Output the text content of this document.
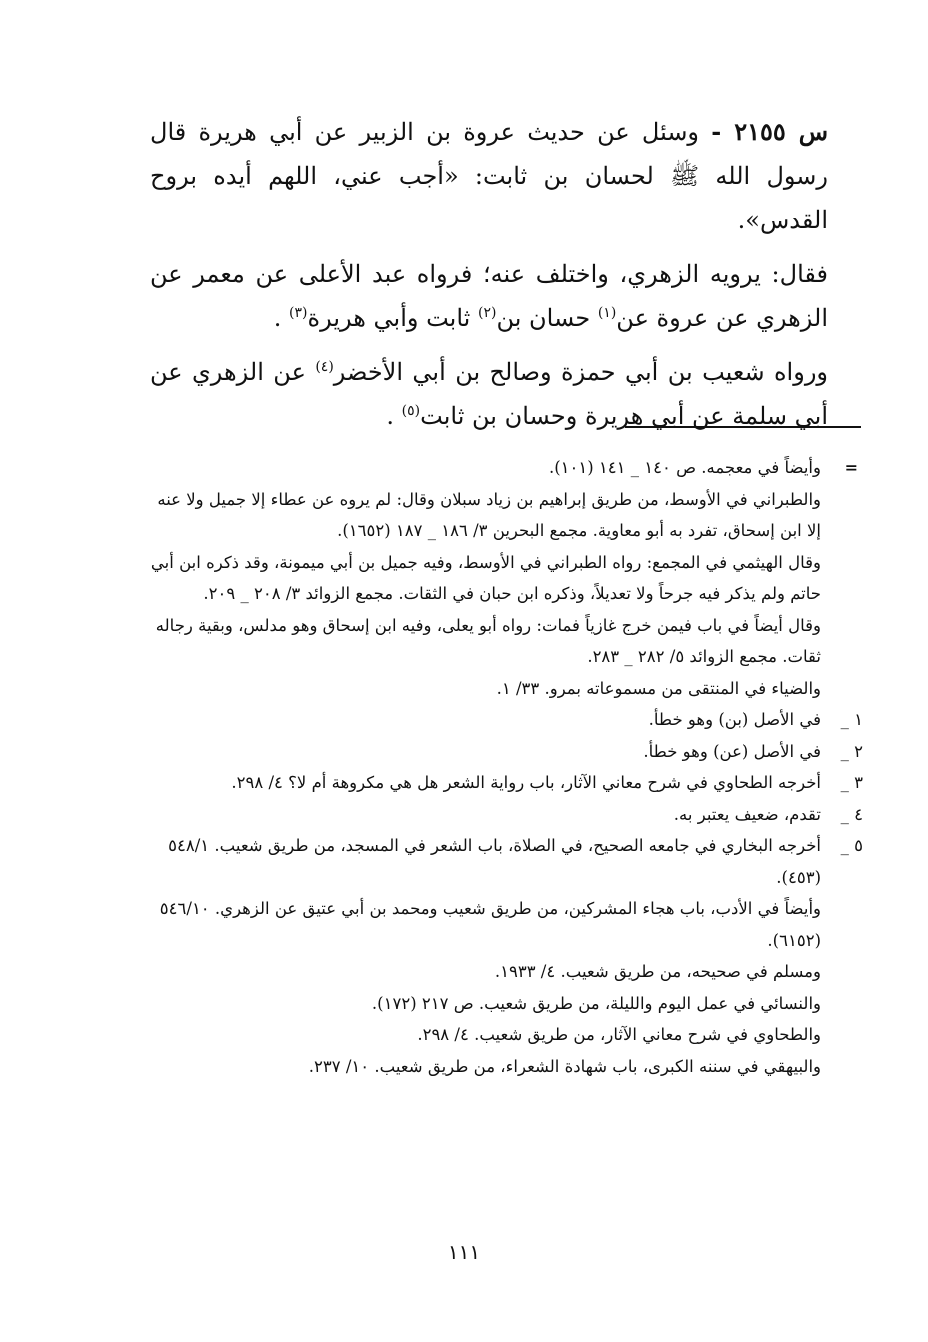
س ٢١٥٥ - وسئل عن حديث عروة بن الزبير عن أبي هريرة قال رسول الله ﷺ لحسان بن ثابت: «أجب عني، اللهم أيده بروح القدس».

فقال: يرويه الزهري، واختلف عنه؛ فرواه عبد الأعلى عن معمر عن الزهري عن عروة عن$^{(١)}$ حسان بن$^{(٢)}$ ثابت وأبي هريرة$^{(٣)}$ .

ورواه شعيب بن أبي حمزة وصالح بن أبي الأخضر$^{(٤)}$ عن الزهري عن أبي سلمة عن أبي هريرة وحسان بن ثابت$^{(٥)}$ .

=

وأيضاً في معجمه. ص ١٤٠ _ ١٤١ (١٠١).

والطبراني في الأوسط، من طريق إبراهيم بن زياد سبلان وقال: لم يروه عن عطاء إلا جميل ولا عنه إلا ابن إسحاق، تفرد به أبو معاوية. مجمع البحرين ٣/ ١٨٦ _ ١٨٧ (١٦٥٢).

وقال الهيثمي في المجمع: رواه الطبراني في الأوسط، وفيه جميل بن أبي ميمونة، وقد ذكره ابن أبي حاتم ولم يذكر فيه جرحاً ولا تعديلاً، وذكره ابن حبان في الثقات. مجمع الزوائد ٣/ ٢٠٨ _ ٢٠٩.

وقال أيضاً في باب فيمن خرج غازياً فمات: رواه أبو يعلى، وفيه ابن إسحاق وهو مدلس، وبقية رجاله ثقات. مجمع الزوائد ٥/ ٢٨٢ _ ٢٨٣.

والضياء في المنتقى من مسموعاته بمرو. ٣٣/ ١.

١ _
في الأصل (بن) وهو خطأ.
٢ _
في الأصل (عن) وهو خطأ.
٣ _
أخرجه الطحاوي في شرح معاني الآثار، باب رواية الشعر هل هي مكروهة أم لا؟ ٤/ ٢٩٨.
٤ _
تقدم، ضعيف يعتبر به.
٥ _
أخرجه البخاري في جامعه الصحيح، في الصلاة، باب الشعر في المسجد، من طريق شعيب. ٥٤٨/١ (٤٥٣).

وأيضاً في الأدب، باب هجاء المشركين، من طريق شعيب ومحمد بن أبي عتيق عن الزهري. ٥٤٦/١٠ (٦١٥٢).

ومسلم في صحيحه، من طريق شعيب. ٤/ ١٩٣٣.

والنسائي في عمل اليوم والليلة، من طريق شعيب. ص ٢١٧ (١٧٢).

والطحاوي في شرح معاني الآثار، من طريق شعيب. ٤/ ٢٩٨.

والبيهقي في سننه الكبرى، باب شهادة الشعراء، من طريق شعيب. ١٠/ ٢٣٧.

١١١
